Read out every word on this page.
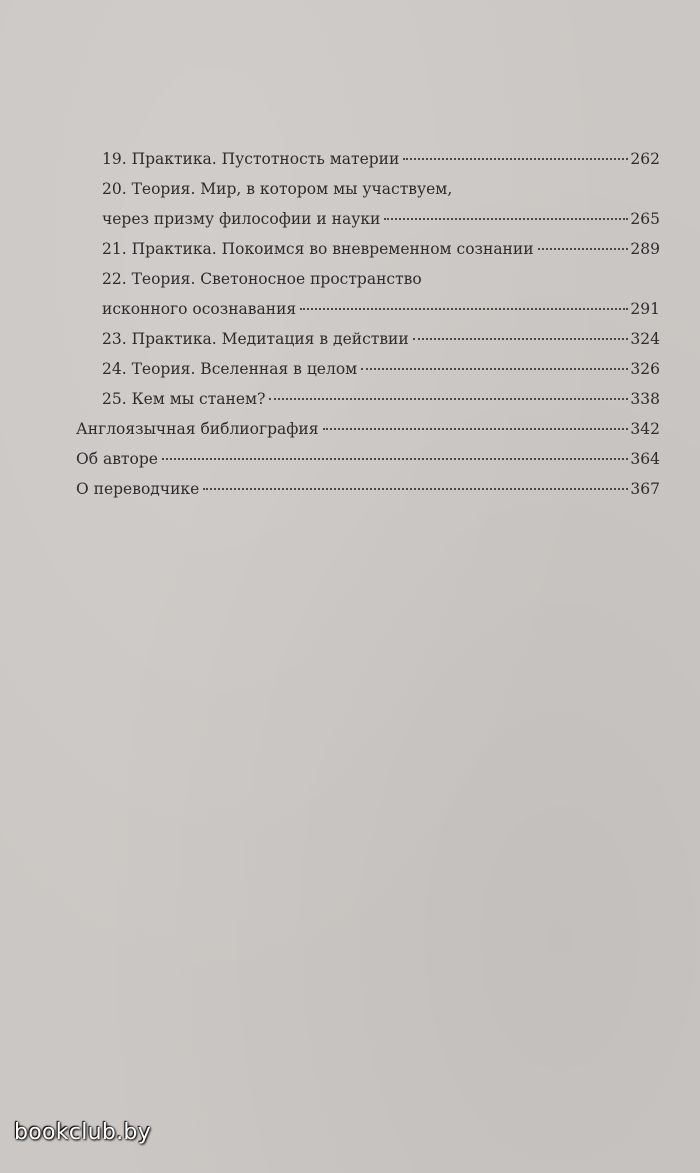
19. Практика. Пустотность материи	262
20. Теория. Мир, в котором мы участвуем,
через призму философии и науки	265
21. Практика. Покоимся во вневременном сознании	289
22. Теория. Светоносное пространство
исконного осознавания	291
23. Практика. Медитация в действии	324
24. Теория. Вселенная в целом	326
25. Кем мы станем?	338
Англоязычная библиография	342
Об авторе	364
О переводчике	367
bookclub.by
